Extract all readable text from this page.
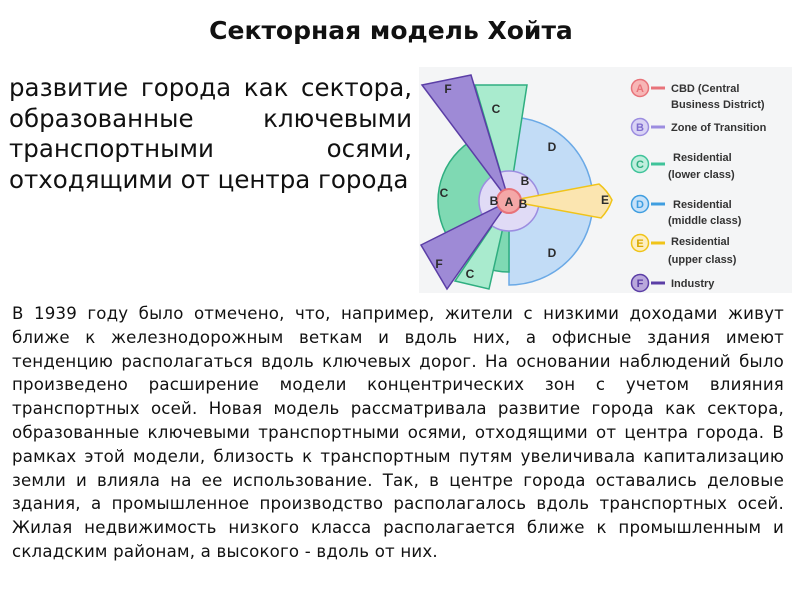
Секторная модель Хойта
развитие города как сектора, образованные ключевыми транспортными осями, отходящими от центра города
F
C
D
C
B
B B
A	E
D
F
C
A CBD (Central
Business District)
B Zone of Transition
C
Residential
(lower class)
D	Residential
(middle class)
E Residential
(upper class)
F	Industry
В 1939 году было отмечено, что, например, жители с низкими доходами живут ближе к железнодорожным веткам и вдоль них, а офисные здания имеют тенденцию располагаться вдоль ключевых дорог. На основании наблюдений было произведено расширение модели концентрических зон с учетом влияния транспортных осей. Новая модель рассматривала развитие города как сектора, образованные ключевыми транспортными осями, отходящими от центра города. В рамках этой модели, близость к транспортным путям увеличивала капитализацию земли и влияла на ее использование. Так, в центре города оставались деловые здания, а промышленное производство располагалось вдоль транспортных осей. Жилая недвижимость низкого класса располагается ближе к промышленным и складским районам, а высокого - вдоль от них.
